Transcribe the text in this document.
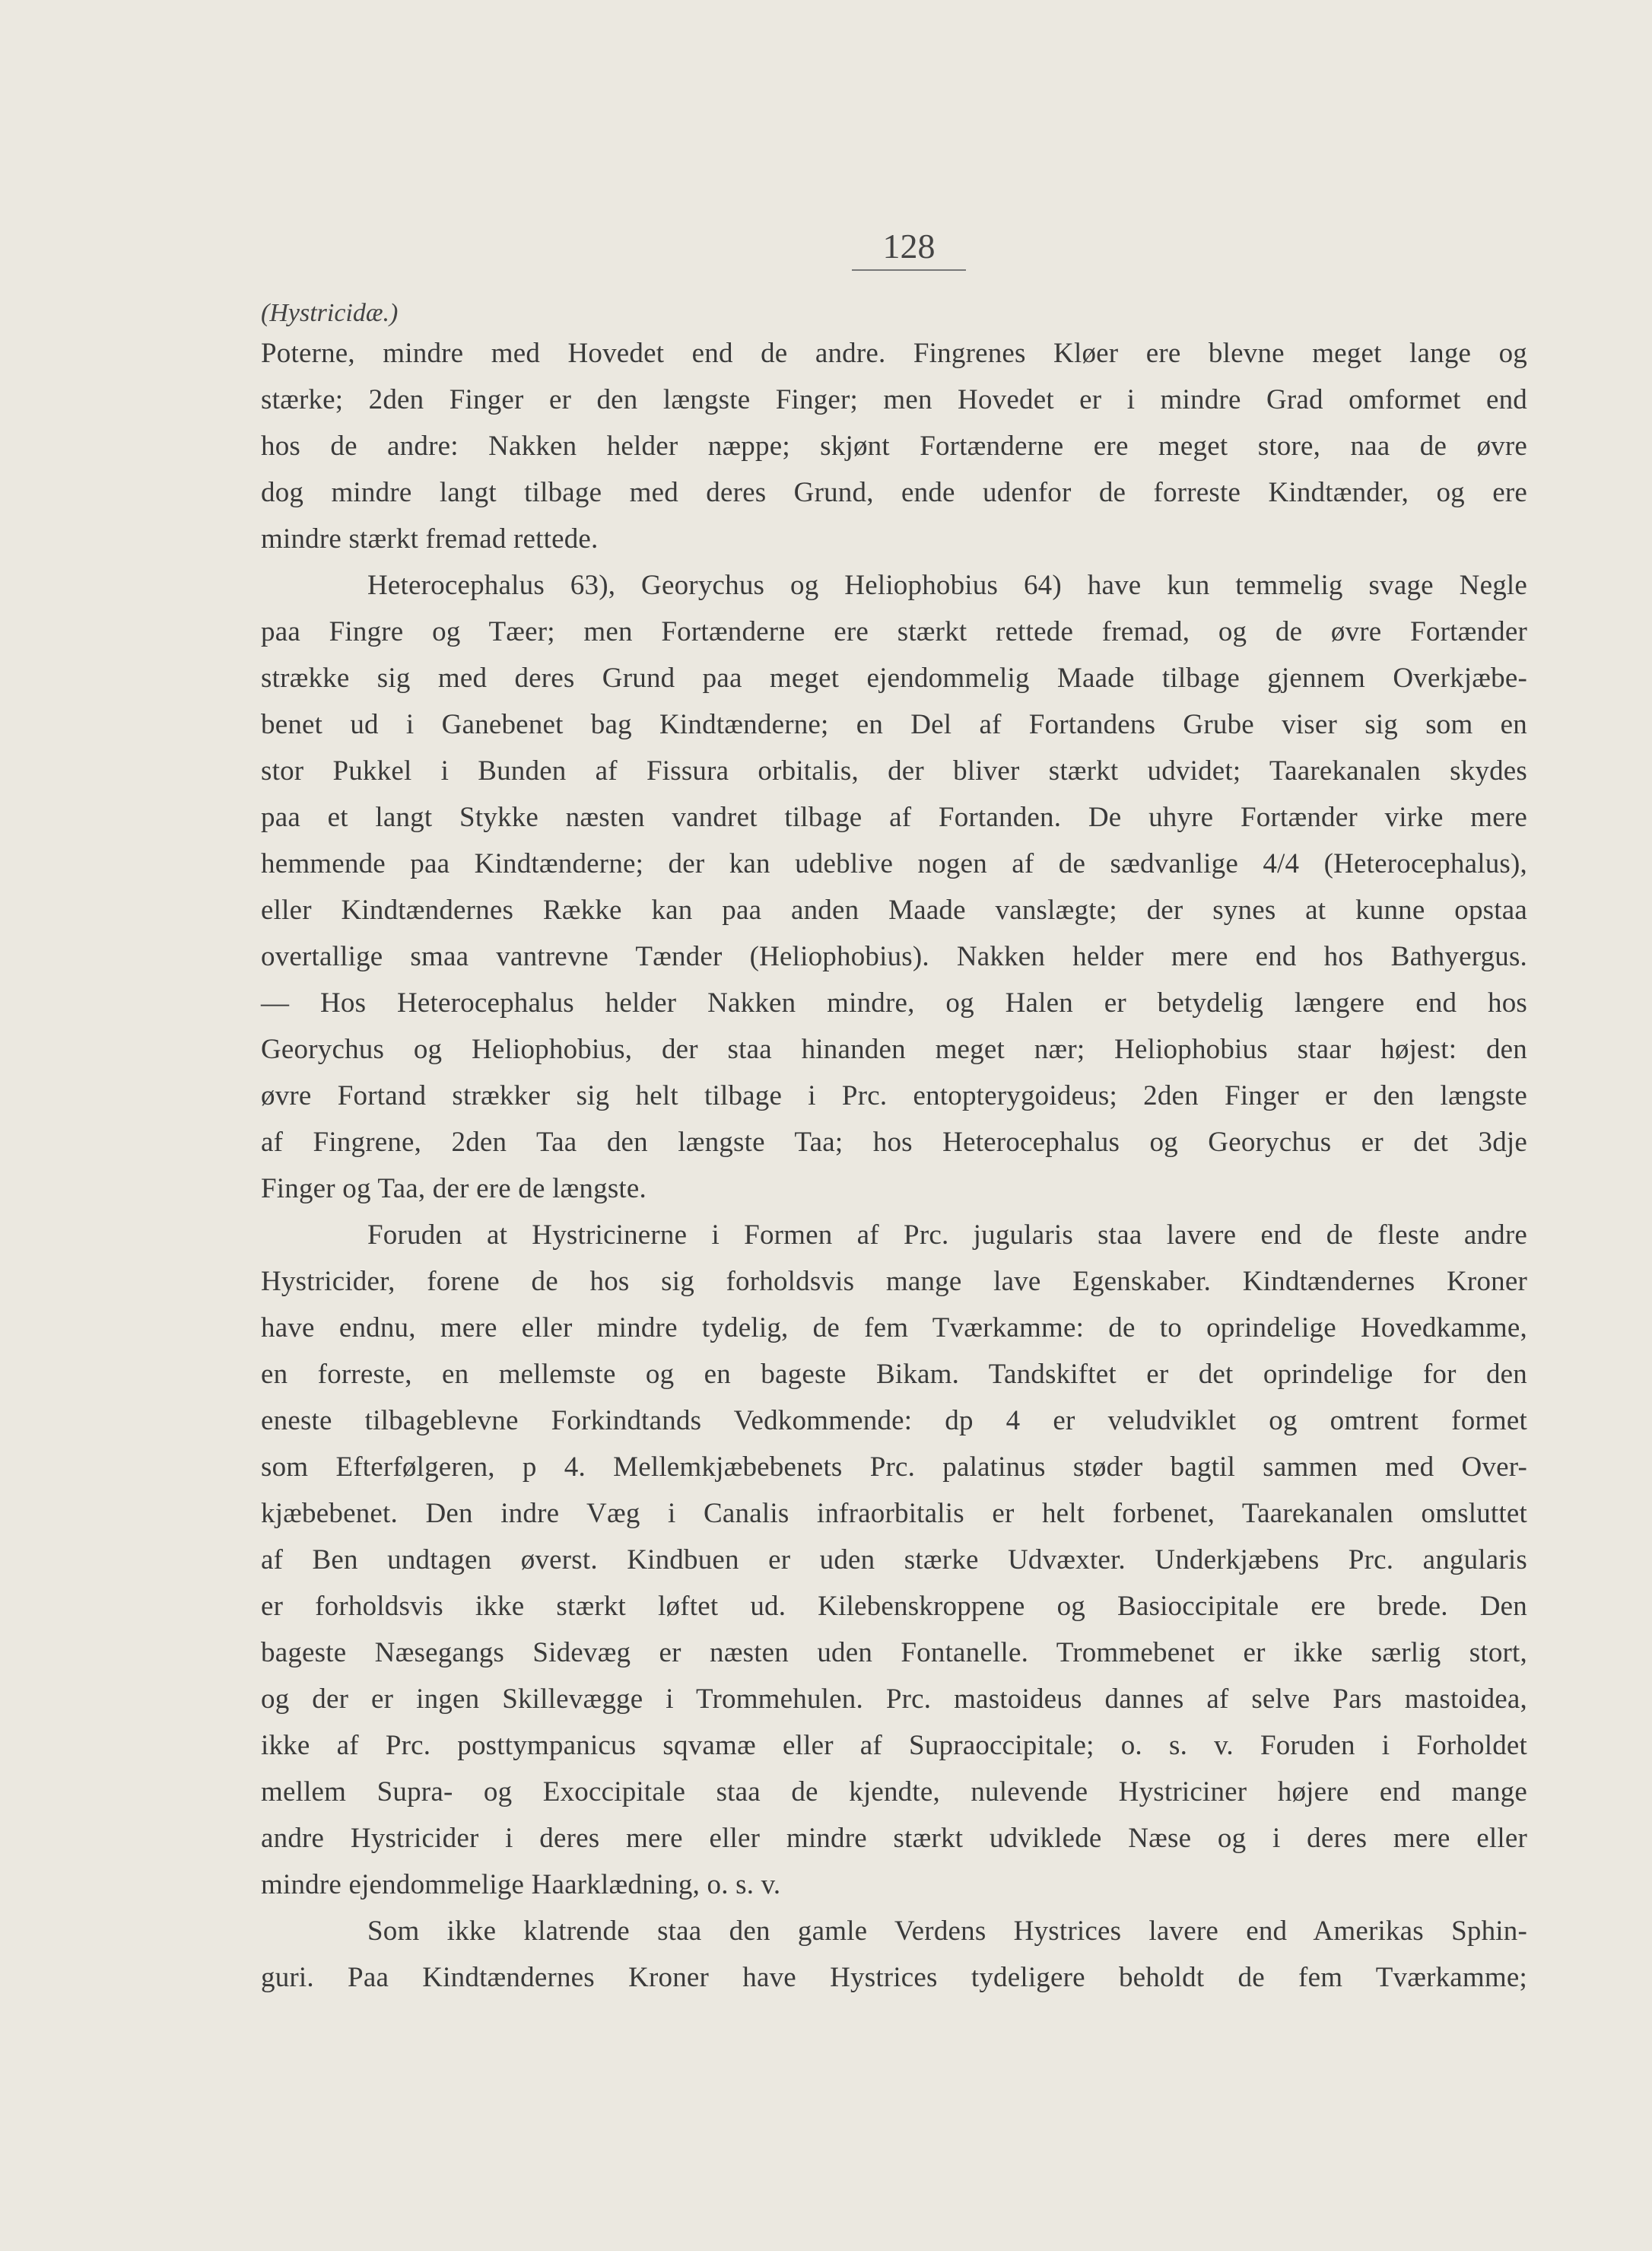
128
(Hystricidæ.)
Poterne, mindre med Hovedet end de andre. Fingrenes Kløer ere blevne meget lange og
stærke; 2den Finger er den længste Finger; men Hovedet er i mindre Grad omformet end
hos de andre: Nakken helder næppe; skjønt Fortænderne ere meget store, naa de øvre
dog mindre langt tilbage med deres Grund, ende udenfor de forreste Kindtænder, og ere
mindre stærkt fremad rettede.
Heterocephalus 63), Georychus og Heliophobius 64) have kun temmelig svage Negle
paa Fingre og Tæer; men Fortænderne ere stærkt rettede fremad, og de øvre Fortænder
strække sig med deres Grund paa meget ejendommelig Maade tilbage gjennem Overkjæbe-
benet ud i Ganebenet bag Kindtænderne; en Del af Fortandens Grube viser sig som en
stor Pukkel i Bunden af Fissura orbitalis, der bliver stærkt udvidet; Taarekanalen skydes
paa et langt Stykke næsten vandret tilbage af Fortanden. De uhyre Fortænder virke mere
hemmende paa Kindtænderne; der kan udeblive nogen af de sædvanlige 4/4 (Heterocephalus),
eller Kindtændernes Række kan paa anden Maade vanslægte; der synes at kunne opstaa
overtallige smaa vantrevne Tænder (Heliophobius). Nakken helder mere end hos Bathyergus.
— Hos Heterocephalus helder Nakken mindre, og Halen er betydelig længere end hos
Georychus og Heliophobius, der staa hinanden meget nær; Heliophobius staar højest: den
øvre Fortand strækker sig helt tilbage i Prc. entopterygoideus; 2den Finger er den længste
af Fingrene, 2den Taa den længste Taa; hos Heterocephalus og Georychus er det 3dje
Finger og Taa, der ere de længste.
Foruden at Hystricinerne i Formen af Prc. jugularis staa lavere end de fleste andre
Hystricider, forene de hos sig forholdsvis mange lave Egenskaber. Kindtændernes Kroner
have endnu, mere eller mindre tydelig, de fem Tværkamme: de to oprindelige Hovedkamme,
en forreste, en mellemste og en bageste Bikam. Tandskiftet er det oprindelige for den
eneste tilbageblevne Forkindtands Vedkommende: dp 4 er veludviklet og omtrent formet
som Efterfølgeren, p 4. Mellemkjæbebenets Prc. palatinus støder bagtil sammen med Over-
kjæbebenet. Den indre Væg i Canalis infraorbitalis er helt forbenet, Taarekanalen omsluttet
af Ben undtagen øverst. Kindbuen er uden stærke Udvæxter. Underkjæbens Prc. angularis
er forholdsvis ikke stærkt løftet ud. Kilebenskroppene og Basioccipitale ere brede. Den
bageste Næsegangs Sidevæg er næsten uden Fontanelle. Trommebenet er ikke særlig stort,
og der er ingen Skillevægge i Trommehulen. Prc. mastoideus dannes af selve Pars mastoidea,
ikke af Prc. posttympanicus sqvamæ eller af Supraoccipitale; o. s. v. Foruden i Forholdet
mellem Supra- og Exoccipitale staa de kjendte, nulevende Hystriciner højere end mange
andre Hystricider i deres mere eller mindre stærkt udviklede Næse og i deres mere eller
mindre ejendommelige Haarklædning, o. s. v.
Som ikke klatrende staa den gamle Verdens Hystrices lavere end Amerikas Sphin-
guri. Paa Kindtændernes Kroner have Hystrices tydeligere beholdt de fem Tværkamme;
